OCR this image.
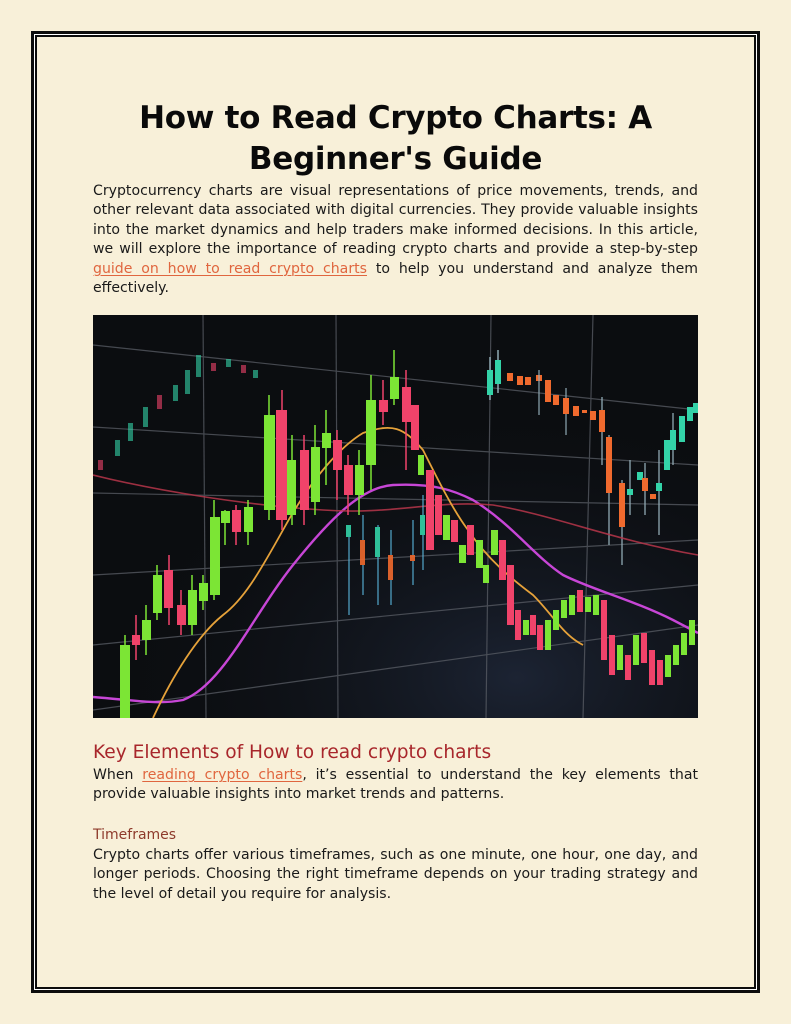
How to Read Crypto Charts: A
Beginner's Guide

Cryptocurrency charts are visual representations of price movements, trends, and other relevant data associated with digital currencies. They provide valuable insights into the market dynamics and help traders make informed decisions. In this article, we will explore the importance of reading crypto charts and provide a step-by-step guide on how to read crypto charts to help you understand and analyze them effectively.

Key Elements of How to read crypto charts

When reading crypto charts, it’s essential to understand the key elements that provide valuable insights into market trends and patterns.

Timeframes

Crypto charts offer various timeframes, such as one minute, one hour, one day, and longer periods. Choosing the right timeframe depends on your trading strategy and the level of detail you require for analysis.
